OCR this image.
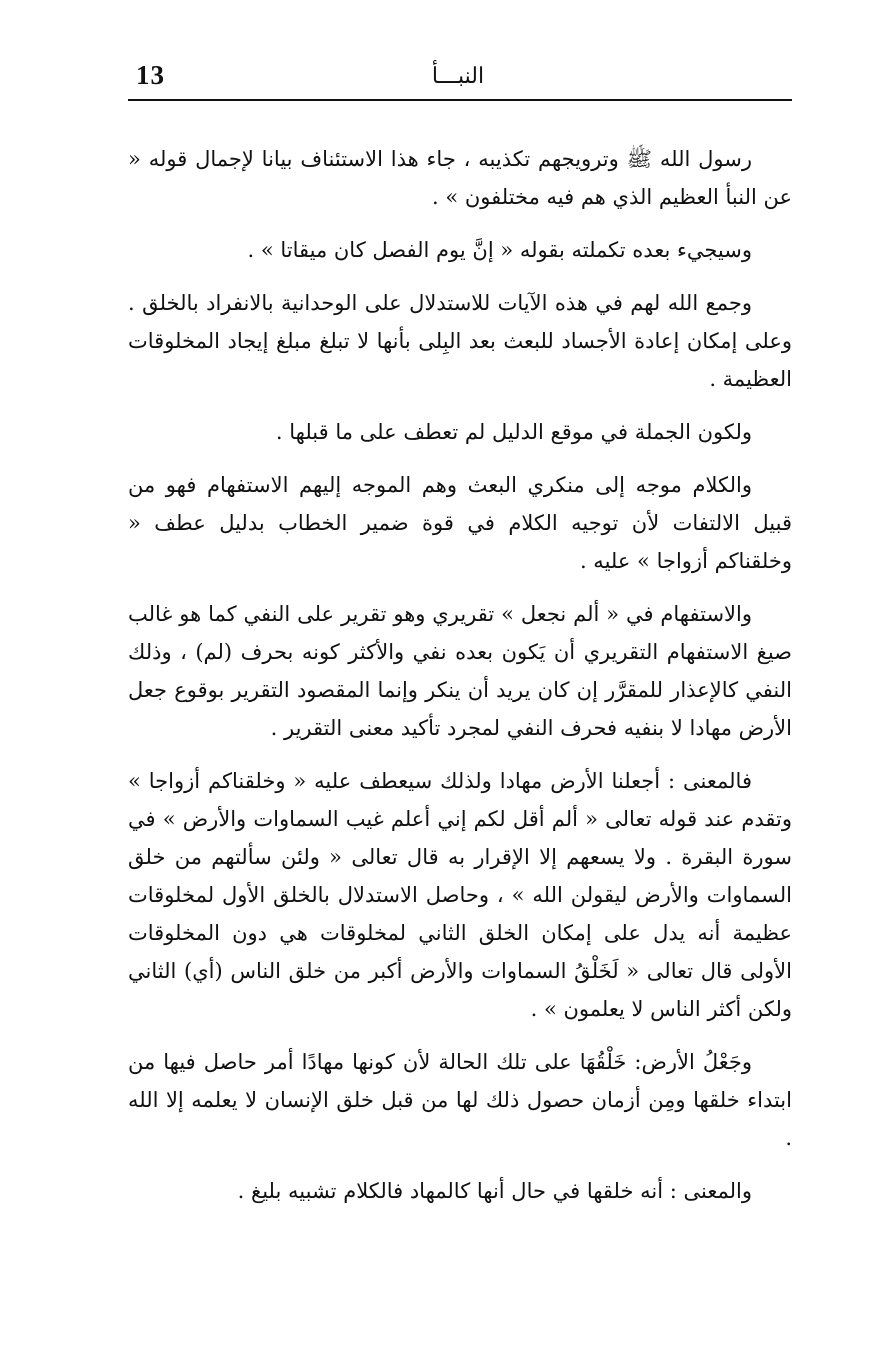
13	النبـــأ

رسول الله ﷺ وترويجهم تكذيبه ، جاء هذا الاستئناف بيانا لإجمال قوله « عن النبأ العظيم الذي هم فيه مختلفون » .

وسيجيء بعده تكملته بقوله « إنَّ يوم الفصل كان ميقاتا » .

وجمع الله لهم في هذه الآيات للاستدلال على الوحدانية بالانفراد بالخلق . وعلى إمكان إعادة الأجساد للبعث بعد البِلى بأنها لا تبلغ مبلغ إيجاد المخلوقات العظيمة .

ولكون الجملة في موقع الدليل لم تعطف على ما قبلها .

والكلام موجه إلى منكري البعث وهم الموجه إليهم الاستفهام فهو من قبيل الالتفات لأن توجيه الكلام في قوة ضمير الخطاب بدليل عطف « وخلقناكم أزواجا » عليه .

والاستفهام في « ألم نجعل » تقريري وهو تقرير على النفي كما هو غالب صيغ الاستفهام التقريري أن يَكون بعده نفي والأكثر كونه بحرف (لم) ، وذلك النفي كالإعذار للمقرَّر إن كان يريد أن ينكر وإنما المقصود التقرير بوقوع جعل الأرض مهادا لا بنفيه فحرف النفي لمجرد تأكيد معنى التقرير .

فالمعنى : أجعلنا الأرض مهادا ولذلك سيعطف عليه « وخلقناكم أزواجا » وتقدم عند قوله تعالى « ألم أقل لكم إني أعلم غيب السماوات والأرض » في سورة البقرة . ولا يسعهم إلا الإقرار به قال تعالى « ولئن سألتهم من خلق السماوات والأرض ليقولن الله » ، وحاصل الاستدلال بالخلق الأول لمخلوقات عظيمة أنه يدل على إمكان الخلق الثاني لمخلوقات هي دون المخلوقات الأولى قال تعالى « لَخَلْقُ السماوات والأرض أكبر من خلق الناس (أي) الثاني ولكن أكثر الناس لا يعلمون » .

وجَعْلُ الأرض: خَلْقُهَا على تلك الحالة لأن كونها مهادًا أمر حاصل فيها من ابتداء خلقها ومِن أزمان حصول ذلك لها من قبل خلق الإنسان لا يعلمه إلا الله .

والمعنى : أنه خلقها في حال أنها كالمهاد فالكلام تشبيه بليغ .
